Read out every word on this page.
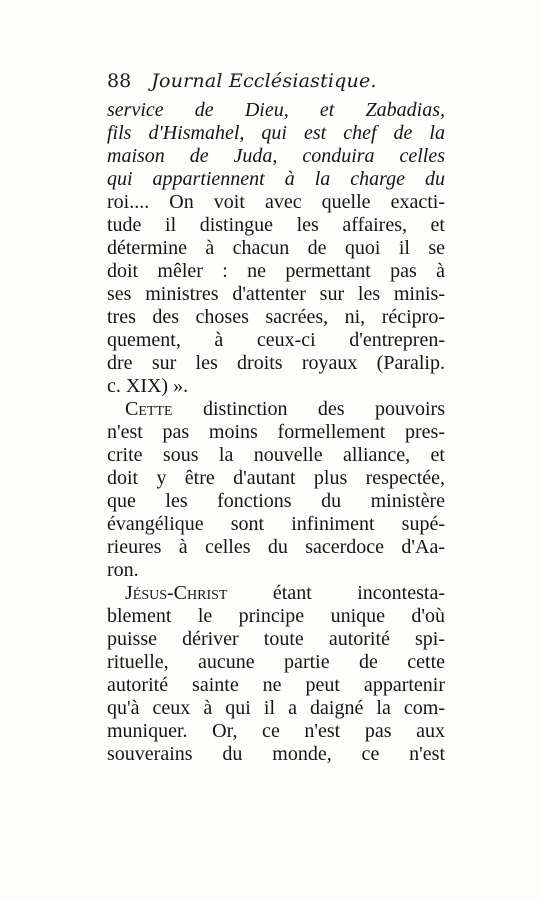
88 Journal Ecclésiastique.
service de Dieu, et Zabadias,
fils d'Hismahel, qui est chef de la
maison de Juda, conduira celles
qui appartiennent à la charge du
roi.... On voit avec quelle exacti-
tude il distingue les affaires, et
détermine à chacun de quoi il se
doit mêler : ne permettant pas à
ses ministres d'attenter sur les minis-
tres des choses sacrées, ni, récipro-
quement, à ceux-ci d'entrepren-
dre sur les droits royaux (Paralip.
c. XIX) ».
Cette distinction des pouvoirs
n'est pas moins formellement pres-
crite sous la nouvelle alliance, et
doit y être d'autant plus respectée,
que les fonctions du ministère
évangélique sont infiniment supé-
rieures à celles du sacerdoce d'Aa-
ron.
Jésus-Christ étant incontesta-
blement le principe unique d'où
puisse dériver toute autorité spi-
rituelle, aucune partie de cette
autorité sainte ne peut appartenir
qu'à ceux à qui il a daigné la com-
muniquer. Or, ce n'est pas aux
souverains du monde, ce n'est
